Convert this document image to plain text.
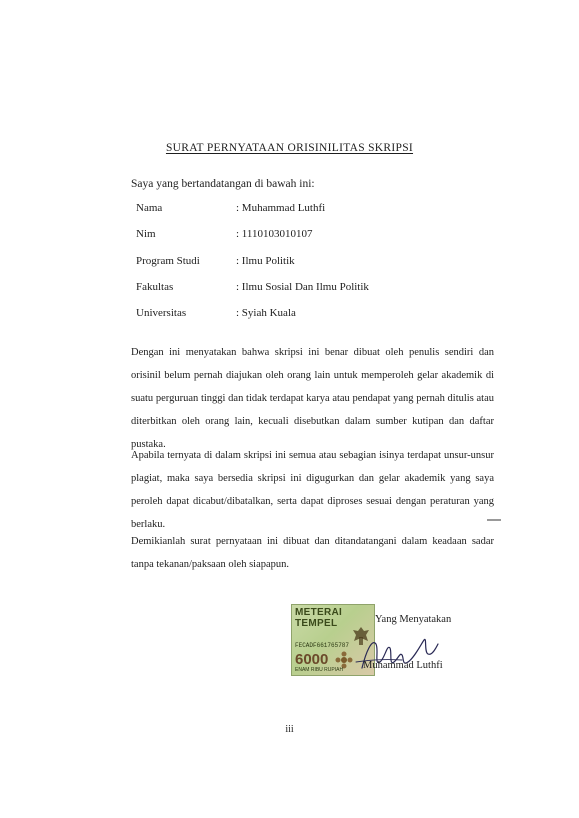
SURAT PERNYATAAN ORISINILITAS SKRIPSI
Saya yang bertandatangan di bawah ini:
Nama	: Muhammad Luthfi
Nim	: 1110103010107
Program Studi	: Ilmu Politik
Fakultas	: Ilmu Sosial Dan Ilmu Politik
Universitas	: Syiah Kuala

Dengan ini menyatakan bahwa skripsi ini benar dibuat oleh penulis sendiri dan orisinil belum pernah diajukan oleh orang lain untuk memperoleh gelar akademik di suatu perguruan tinggi dan tidak terdapat karya atau pendapat yang pernah ditulis atau diterbitkan oleh orang lain, kecuali disebutkan dalam sumber kutipan dan daftar pustaka.

Apabila ternyata di dalam skripsi ini semua atau sebagian isinya terdapat unsur-unsur plagiat, maka saya bersedia skripsi ini digugurkan dan gelar akademik yang saya peroleh dapat dicabut/dibatalkan, serta dapat diproses sesuai dengan peraturan yang berlaku.

Demikianlah surat pernyataan ini dibuat dan ditandatangani dalam keadaan sadar tanpa tekanan/paksaan oleh siapapun.

METERAI
TEMPEL
FECADF661765787
6000
ENAM RIBU RUPIAH
Yang Menyatakan
Muhammad Luthfi
iii
